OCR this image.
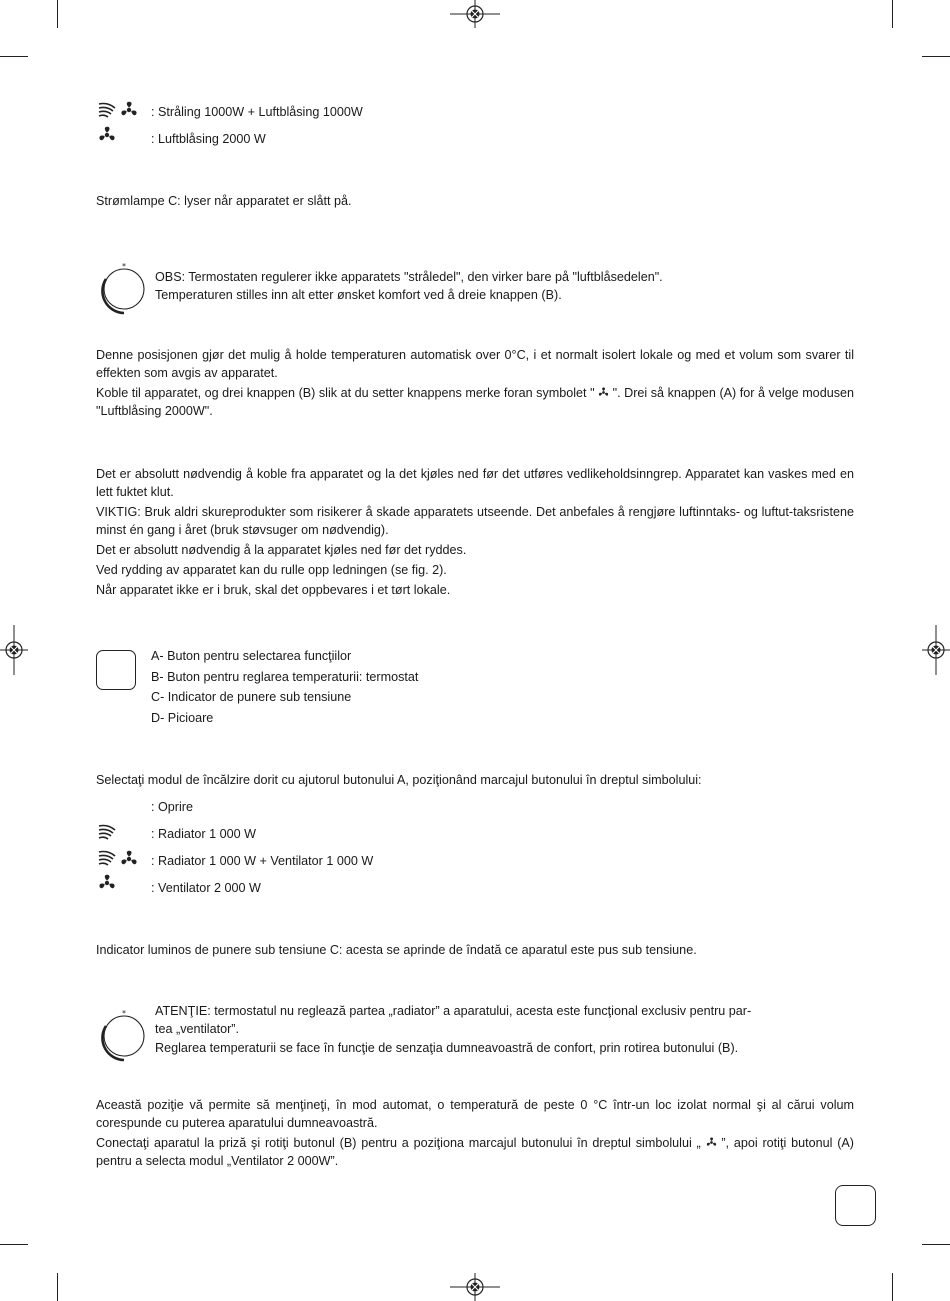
: Stråling 1000W + Luftblåsing 1000W
: Luftblåsing 2000 W
Strømlampe C: lyser når apparatet er slått på.
*
OBS: Termostaten regulerer ikke apparatets "stråledel", den virker bare på "luftblåsedelen".
Temperaturen stilles inn alt etter ønsket komfort ved å dreie knappen (B).

Denne posisjonen gjør det mulig å holde temperaturen automatisk over 0°C, i et normalt isolert lokale og med et volum som svarer til effekten som avgis av apparatet.

Koble til apparatet, og drei knappen (B) slik at du setter knappens merke foran symbolet "  ". Drei så knappen (A) for å velge modusen "Luftblåsing 2000W".

Det er absolutt nødvendig å koble fra apparatet og la det kjøles ned før det utføres vedlikeholdsinngrep. Apparatet kan vaskes med en lett fuktet klut.

VIKTIG: Bruk aldri skureprodukter som risikerer å skade apparatets utseende. Det anbefales å rengjøre luftinntaks- og luftut-taksristene minst én gang i året (bruk støvsuger om nødvendig).

Det er absolutt nødvendig å la apparatet kjøles ned før det ryddes.

Ved rydding av apparatet kan du rulle opp ledningen (se fig. 2).

Når apparatet ikke er i bruk, skal det oppbevares i et tørt lokale.

A- Buton pentru selectarea funcţiilor
B- Buton pentru reglarea temperaturii: termostat
C- Indicator de punere sub tensiune
D- Picioare
Selectaţi modul de încălzire dorit cu ajutorul butonului A, poziţionând marcajul butonului în dreptul simbolului:
: Oprire
: Radiator 1 000 W
: Radiator 1 000 W + Ventilator 1 000 W
: Ventilator 2 000 W
Indicator luminos de punere sub tensiune C: acesta se aprinde de îndată ce aparatul este pus sub tensiune.
* ATENŢIE: termostatul nu reglează partea „radiator” a aparatului, acesta este funcţional exclusiv pentru par-
tea „ventilator”.
Reglarea temperaturii se face în funcţie de senzaţia dumneavoastră de confort, prin rotirea butonului (B).

Această poziţie vă permite să menţineţi, în mod automat, o temperatură de peste 0 °C într-un loc izolat normal şi al cărui volum corespunde cu puterea aparatului dumneavoastră.

Conectaţi aparatul la priză şi rotiţi butonul (B) pentru a poziţiona marcajul butonului în dreptul simbolului „  ”, apoi rotiţi butonul (A) pentru a selecta modul „Ventilator 2 000W”.
